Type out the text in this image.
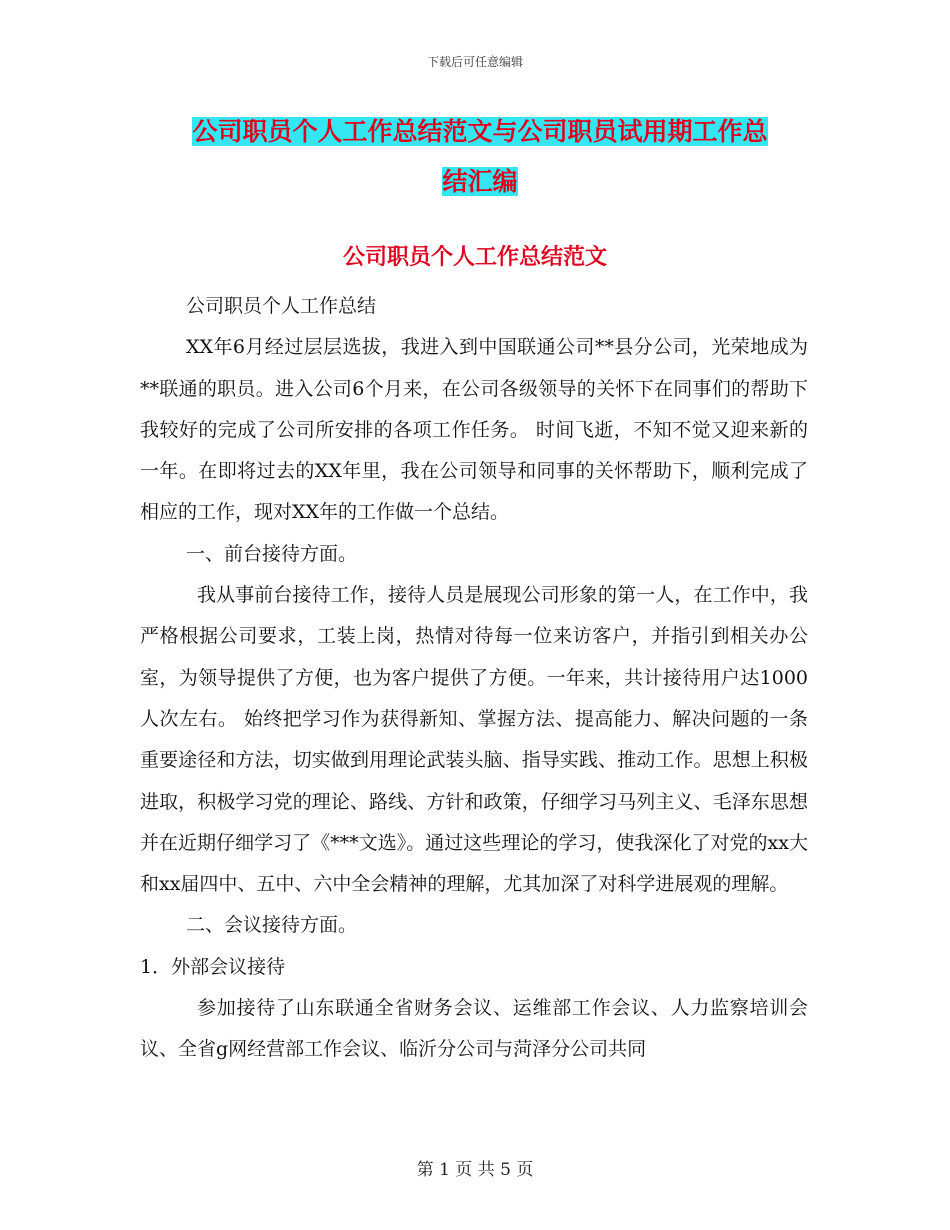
下载后可任意编辑
公司职员个人工作总结范文与公司职员试用期工作总
结汇编
公司职员个人工作总结范文

公司职员个人工作总结

XX年6月经过层层选拔，我进入到中国联通公司**县分公司，光荣地成为**联通的职员。进入公司6个月来，在公司各级领导的关怀下在同事们的帮助下我较好的完成了公司所安排的各项工作任务。 时间飞逝，不知不觉又迎来新的一年。在即将过去的XX年里，我在公司领导和同事的关怀帮助下，顺利完成了相应的工作，现对XX年的工作做一个总结。

一、前台接待方面。

我从事前台接待工作，接待人员是展现公司形象的第一人，在工作中，我严格根据公司要求，工装上岗，热情对待每一位来访客户，并指引到相关办公室，为领导提供了方便，也为客户提供了方便。一年来，共计接待用户达1000人次左右。 始终把学习作为获得新知、掌握方法、提高能力、解决问题的一条重要途径和方法，切实做到用理论武装头脑、指导实践、推动工作。思想上积极进取，积极学习党的理论、路线、方针和政策，仔细学习马列主义、毛泽东思想并在近期仔细学习了《***文选》。通过这些理论的学习，使我深化了对党的xx大和xx届四中、五中、六中全会精神的理解，尤其加深了对科学进展观的理解。

二、会议接待方面。

1．外部会议接待

参加接待了山东联通全省财务会议、运维部工作会议、人力监察培训会议、全省g网经营部工作会议、临沂分公司与菏泽分公司共同

第 1 页 共 5 页
